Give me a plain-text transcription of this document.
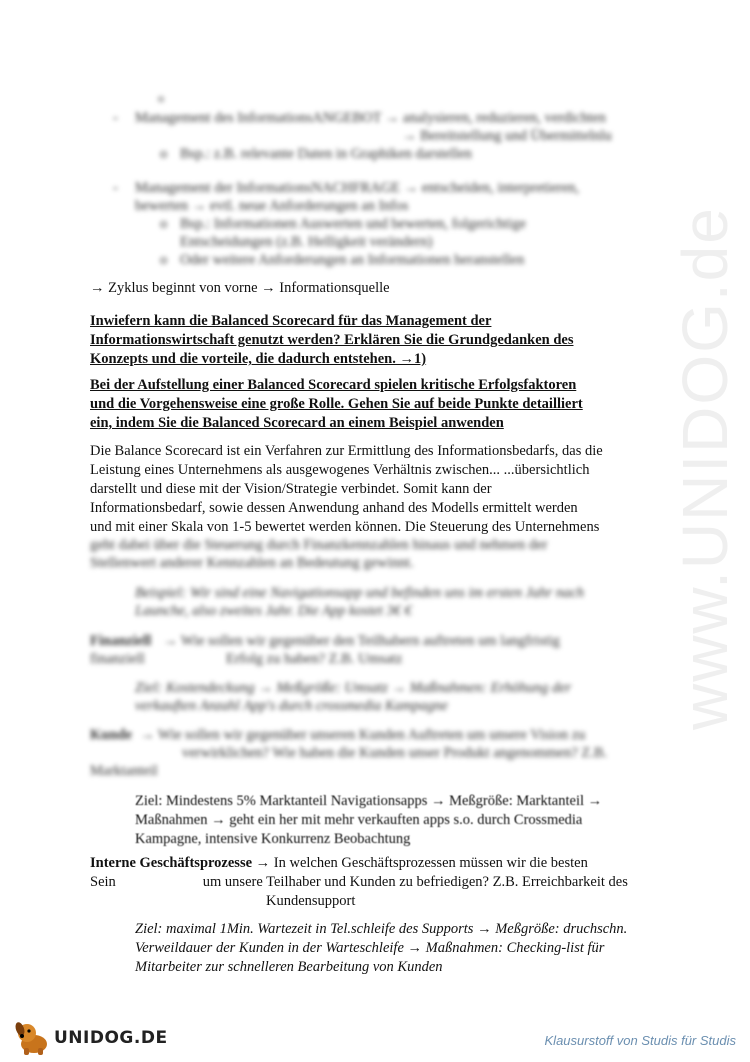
www.UNIDOG.de
o
- Management des InformationsANGEBOT → analysieren, reduzieren, verdichten
→ Bereitstellung und Übermittelnlu
o Bsp.: z.B. relevante Daten in Graphiken darstellen
- Management der InformationsNACHFRAGE → entscheiden, interpretieren,
bewerten → evtl. neue Anforderungen an Infos
o Bsp.: Informationen Auswerten und bewerten, folgerichtige
Entscheidungen (z.B. Helligkeit verändern)
o Oder weitere Anforderungen an Informationen heranstellen
→ Zyklus beginnt von vorne → Informationsquelle
Inwiefern kann die Balanced Scorecard für das Management der
Informationswirtschaft genutzt werden? Erklären Sie die Grundgedanken des
Konzepts und die vorteile, die dadurch entstehen. →1)
Bei der Aufstellung einer Balanced Scorecard spielen kritische Erfolgsfaktoren
und die Vorgehensweise eine große Rolle. Gehen Sie auf beide Punkte detailliert
ein, indem Sie die Balanced Scorecard an einem Beispiel anwenden
Die Balance Scorecard ist ein Verfahren zur Ermittlung des Informationsbedarfs, das die
Leistung eines Unternehmens als ausgewogenes Verhältnis zwischen... ...übersichtlich
darstellt und diese mit der Vision/Strategie verbindet. Somit kann der
Informationsbedarf, sowie dessen Anwendung anhand des Modells ermittelt werden
und mit einer Skala von 1-5 bewertet werden können. Die Steuerung des Unternehmens
geht dabei über die Steuerung durch Finanzkennzahlen hinaus und nehmen der
Stellenwert anderer Kennzahlen an Bedeutung gewinnt.
Beispiel: Wir sind eine Navigationsapp und befinden uns im ersten Jahr nach
Launche, also zweites Jahr. Die App kostet 3€ €
Finanziell → Wie sollen wir gegenüber den Teilhabern auftreten um langfristig
finanziell	Erfolg zu haben? Z.B. Umsatz
Ziel: Kostendeckung → Meßgröße: Umsatz → Maßnahmen: Erhöhung der
verkauften Anzahl App's durch crossmedia Kampagne
Kunde → Wie sollen wir gegenüber unseren Kunden Auftreten um unsere Vision zu
verwirklichen? Wie haben die Kunden unser Produkt angenommen? Z.B.
Marktanteil
Ziel: Mindestens 5% Marktanteil Navigationsapps → Meßgröße: Marktanteil →
Maßnahmen → geht ein her mit mehr verkauften apps s.o. durch Crossmedia
Kampagne, intensive Konkurrenz Beobachtung
Interne Geschäftsprozesse → In welchen Geschäftsprozessen müssen wir die besten
Sein	um unsere Teilhaber und Kunden zu befriedigen? Z.B. Erreichbarkeit des
Kundensupport
Ziel: maximal 1Min. Wartezeit in Tel.schleife des Supports → Meßgröße: druchschn.
Verweildauer der Kunden in der Warteschleife → Maßnahmen: Checking-list für
Mitarbeiter zur schnelleren Bearbeitung von Kunden
UNIDOG.DE	Klausurstoff von Studis für Studis
